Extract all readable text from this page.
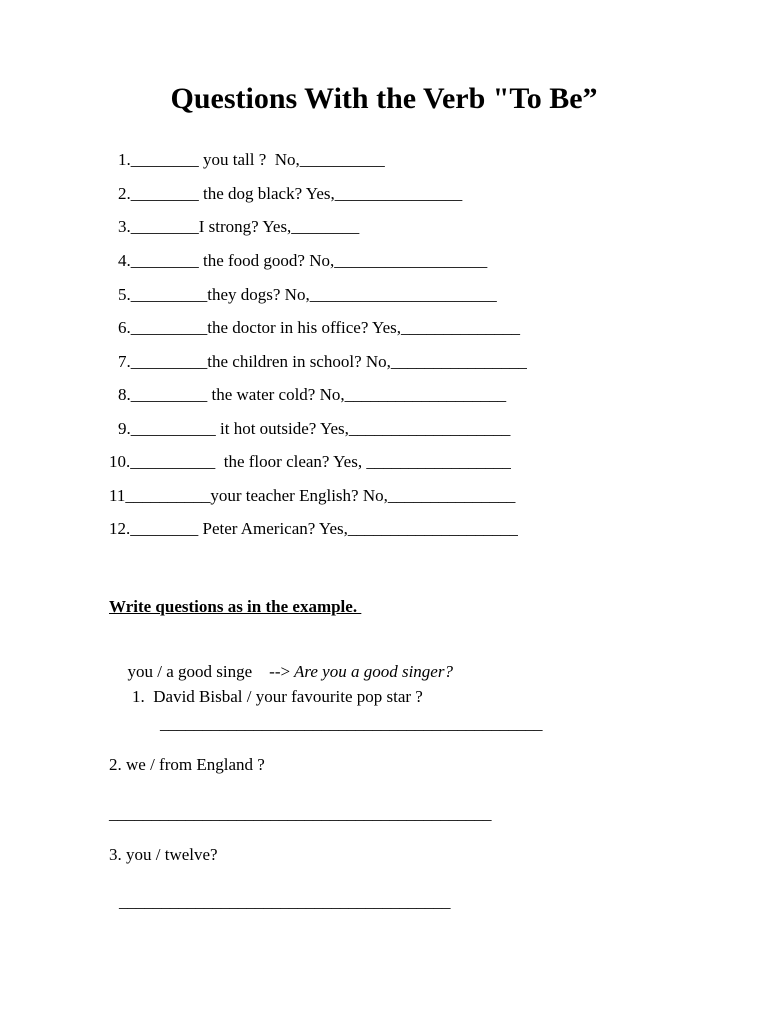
Questions With the Verb "To Be”
1.________ you tall ?  No,__________
2.________ the dog black? Yes,_______________
3.________I strong? Yes,________
4.________ the food good? No,__________________
5._________they dogs? No,______________________
6._________the doctor in his office? Yes,______________
7._________the children in school? No,________________
8._________ the water cold? No,___________________
9.__________ it hot outside? Yes,___________________
10.__________  the floor clean? Yes, _________________
11__________your teacher English? No,_______________
12.________ Peter American? Yes,____________________
Write questions as in the example.

you / a good singe    --> Are you a good singer?

1.  David Bisbal / your favourite pop star ?
_____________________________________________
2. we / from England ?
_____________________________________________
3. you / twelve?
_______________________________________
